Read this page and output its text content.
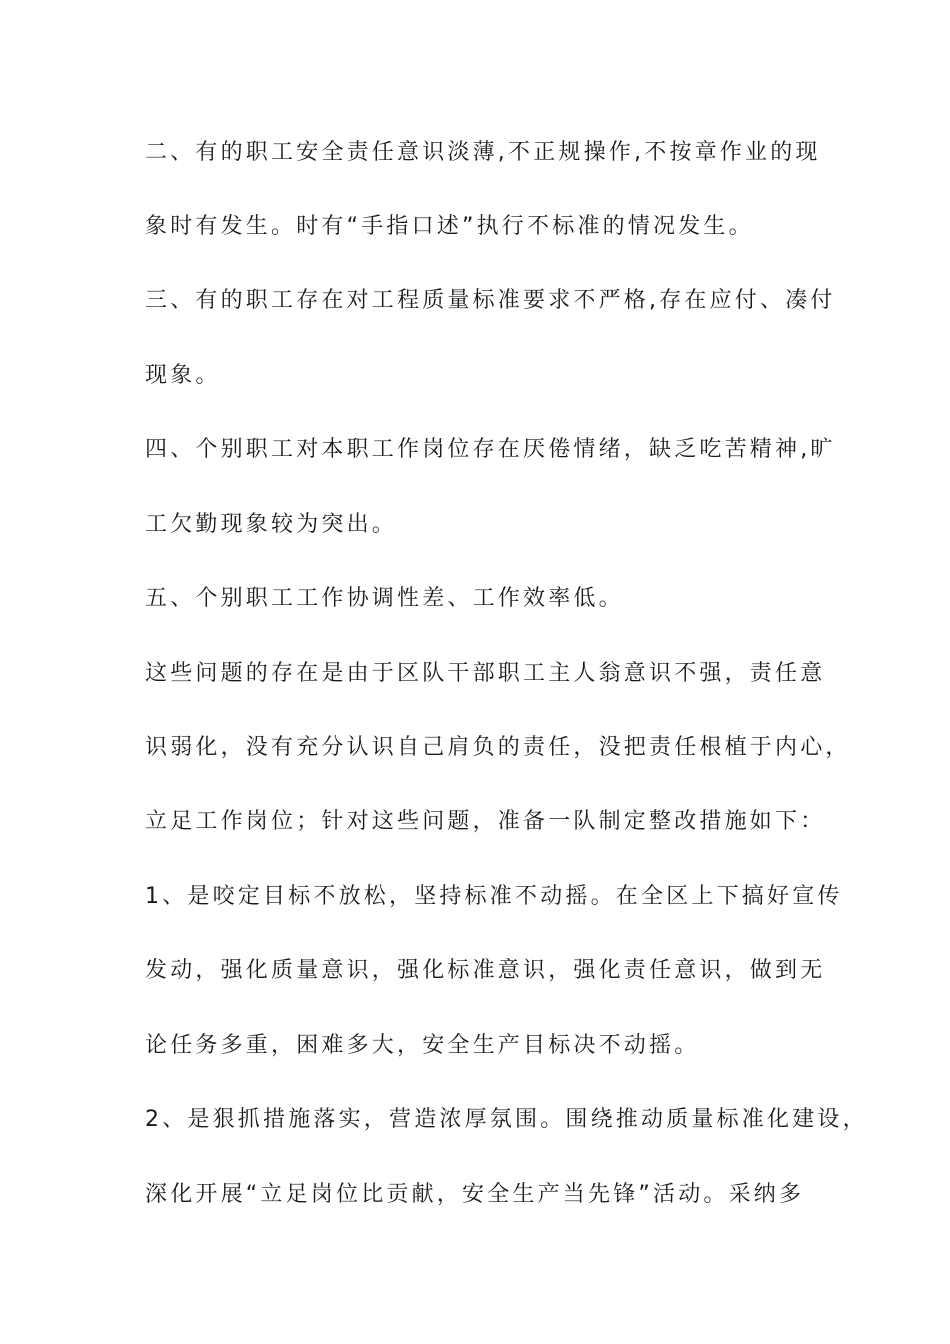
二、有的职工安全责任意识淡薄,不正规操作,不按章作业的现
象时有发生。时有“手指口述”执行不标准的情况发生。
三、有的职工存在对工程质量标准要求不严格,存在应付、凑付
现象。
四、个别职工对本职工作岗位存在厌倦情绪，缺乏吃苦精神,旷
工欠勤现象较为突出。
五、个别职工工作协调性差、工作效率低。
这些问题的存在是由于区队干部职工主人翁意识不强，责任意
识弱化，没有充分认识自己肩负的责任，没把责任根植于内心，
立足工作岗位；针对这些问题，准备一队制定整改措施如下：
1、是咬定目标不放松，坚持标准不动摇。在全区上下搞好宣传
发动，强化质量意识，强化标准意识，强化责任意识，做到无
论任务多重，困难多大，安全生产目标决不动摇。
2、是狠抓措施落实，营造浓厚氛围。围绕推动质量标准化建设，
深化开展“立足岗位比贡献，安全生产当先锋”活动。采纳多
